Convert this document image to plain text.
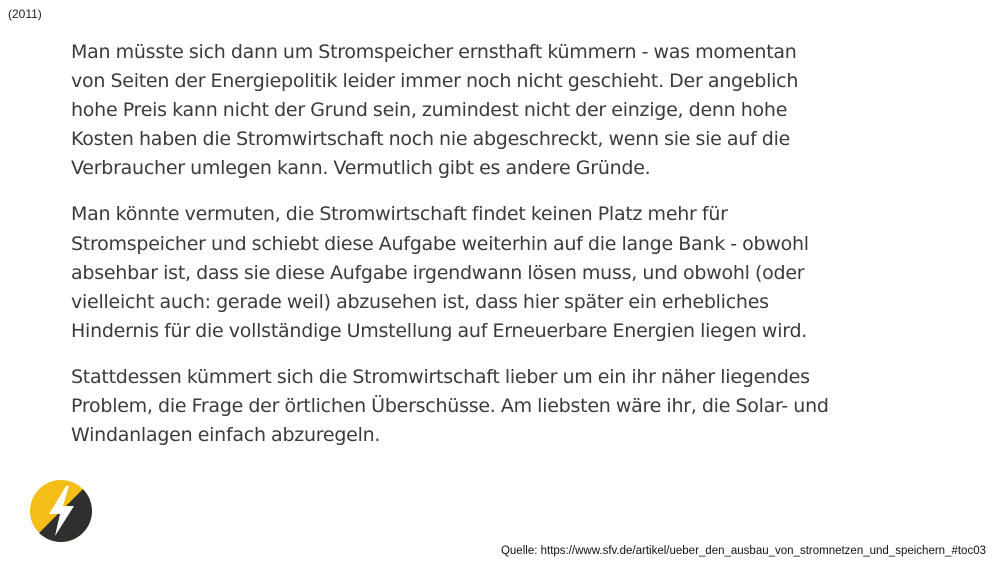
(2011)

Man müsste sich dann um Stromspeicher ernsthaft kümmern - was momentan
von Seiten der Energiepolitik leider immer noch nicht geschieht. Der angeblich
hohe Preis kann nicht der Grund sein, zumindest nicht der einzige, denn hohe
Kosten haben die Stromwirtschaft noch nie abgeschreckt, wenn sie sie auf die
Verbraucher umlegen kann. Vermutlich gibt es andere Gründe.

Man könnte vermuten, die Stromwirtschaft findet keinen Platz mehr für
Stromspeicher und schiebt diese Aufgabe weiterhin auf die lange Bank - obwohl
absehbar ist, dass sie diese Aufgabe irgendwann lösen muss, und obwohl (oder
vielleicht auch: gerade weil) abzusehen ist, dass hier später ein erhebliches
Hindernis für die vollständige Umstellung auf Erneuerbare Energien liegen wird.

Stattdessen kümmert sich die Stromwirtschaft lieber um ein ihr näher liegendes
Problem, die Frage der örtlichen Überschüsse. Am liebsten wäre ihr, die Solar- und
Windanlagen einfach abzuregeln.

Quelle: https://www.sfv.de/artikel/ueber_den_ausbau_von_stromnetzen_und_speichern_#toc03
